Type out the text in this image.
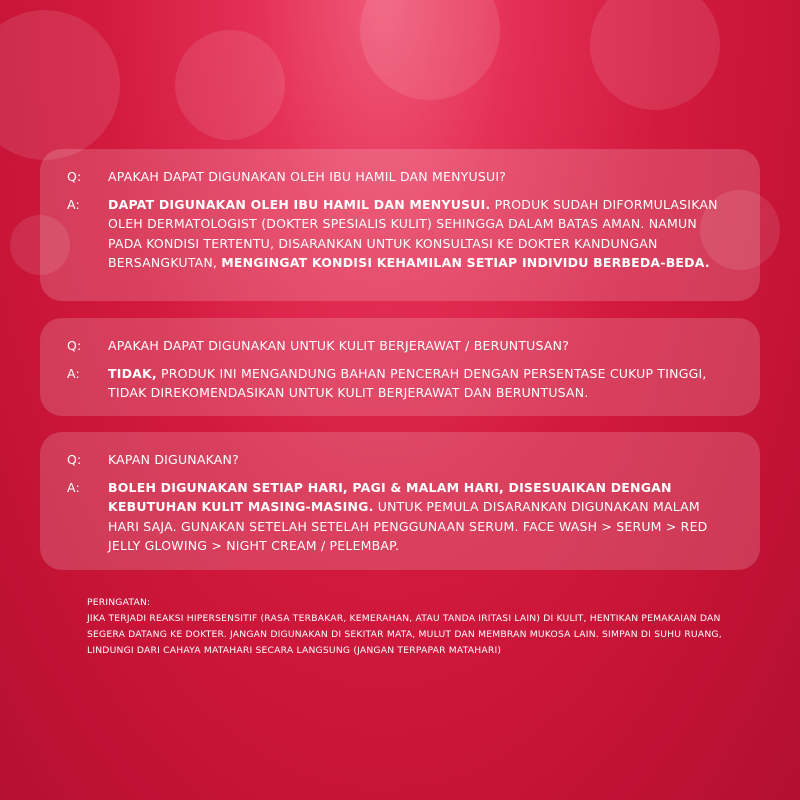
Q:	APAKAH DAPAT DIGUNAKAN OLEH IBU HAMIL DAN MENYUSUI?
A:	DAPAT DIGUNAKAN OLEH IBU HAMIL DAN MENYUSUI. PRODUK SUDAH DIFORMULASIKAN OLEH DERMATOLOGIST (DOKTER SPESIALIS KULIT) SEHINGGA DALAM BATAS AMAN. NAMUN PADA KONDISI TERTENTU, DISARANKAN UNTUK KONSULTASI KE DOKTER KANDUNGAN BERSANGKUTAN, MENGINGAT KONDISI KEHAMILAN SETIAP INDIVIDU BERBEDA-BEDA.
Q:	APAKAH DAPAT DIGUNAKAN UNTUK KULIT BERJERAWAT / BERUNTUSAN?
A:	TIDAK, PRODUK INI MENGANDUNG BAHAN PENCERAH DENGAN PERSENTASE CUKUP TINGGI, TIDAK DIREKOMENDASIKAN UNTUK KULIT BERJERAWAT DAN BERUNTUSAN.
Q:	KAPAN DIGUNAKAN?
A:	BOLEH DIGUNAKAN SETIAP HARI, PAGI & MALAM HARI, DISESUAIKAN DENGAN KEBUTUHAN KULIT MASING-MASING. UNTUK PEMULA DISARANKAN DIGUNAKAN MALAM HARI SAJA. GUNAKAN SETELAH SETELAH PENGGUNAAN SERUM. FACE WASH > SERUM > RED JELLY GLOWING > NIGHT CREAM / PELEMBAP.
PERINGATAN:
JIKA TERJADI REAKSI HIPERSENSITIF (RASA TERBAKAR, KEMERAHAN, ATAU TANDA IRITASI LAIN) DI KULIT, HENTIKAN PEMAKAIAN DAN SEGERA DATANG KE DOKTER. JANGAN DIGUNAKAN DI SEKITAR MATA, MULUT DAN MEMBRAN MUKOSA LAIN. SIMPAN DI SUHU RUANG, LINDUNGI DARI CAHAYA MATAHARI SECARA LANGSUNG (JANGAN TERPAPAR MATAHARI)
